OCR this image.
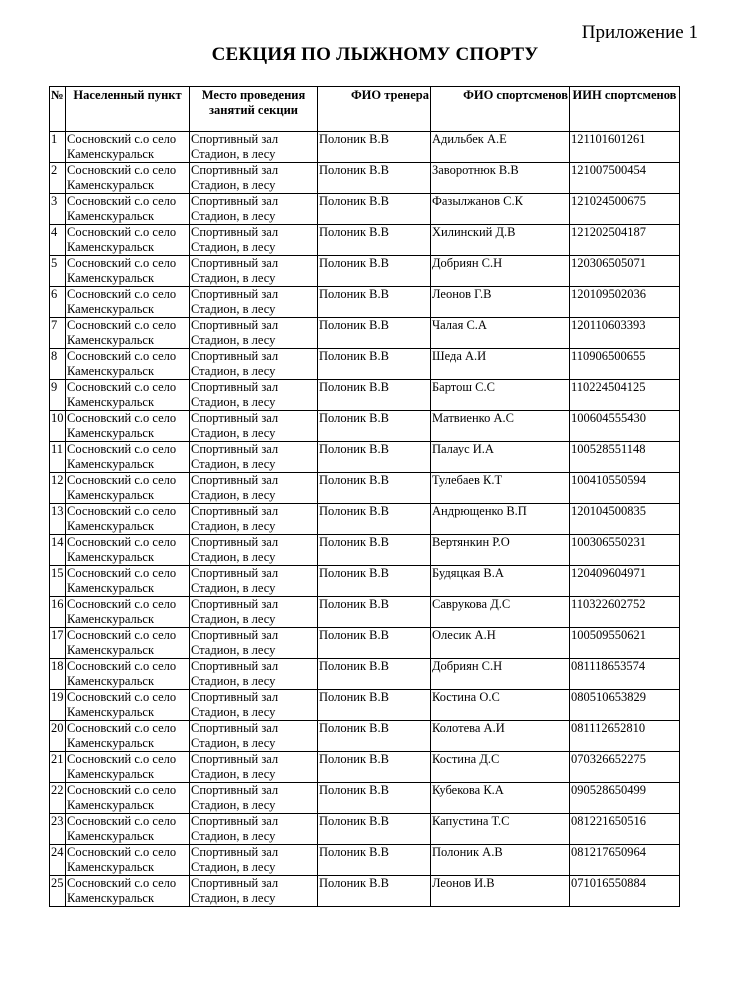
Приложение 1
СЕКЦИЯ ПО ЛЫЖНОМУ СПОРТУ
№	Населенный пункт	Место проведения занятий секции	ФИО тренера	ФИО спортсменов	ИИН спортсменов

1	Сосновский с.о село
Каменскуральск	Спортивный зал
Стадион, в лесу	Полоник В.В	Адильбек А.Е	121101601261

2	Сосновский с.о село
Каменскуральск	Спортивный зал
Стадион, в лесу	Полоник В.В	Заворотнюк В.В	121007500454

3	Сосновский с.о село
Каменскуральск	Спортивный зал
Стадион, в лесу	Полоник В.В	Фазылжанов С.К	121024500675

4	Сосновский с.о село
Каменскуральск	Спортивный зал
Стадион, в лесу	Полоник В.В	Хилинский Д.В	121202504187

5	Сосновский с.о село
Каменскуральск	Спортивный зал
Стадион, в лесу	Полоник В.В	Добриян С.Н	120306505071

6	Сосновский с.о село
Каменскуральск	Спортивный зал
Стадион, в лесу	Полоник В.В	Леонов Г.В	120109502036

7	Сосновский с.о село
Каменскуральск	Спортивный зал
Стадион, в лесу	Полоник В.В	Чалая С.А	120110603393

8	Сосновский с.о село
Каменскуральск	Спортивный зал
Стадион, в лесу	Полоник В.В	Шеда А.И	110906500655

9	Сосновский с.о село
Каменскуральск	Спортивный зал
Стадион, в лесу	Полоник В.В	Бартош С.С	110224504125

10	Сосновский с.о село
Каменскуральск	Спортивный зал
Стадион, в лесу	Полоник В.В	Матвиенко А.С	100604555430

11	Сосновский с.о село
Каменскуральск	Спортивный зал
Стадион, в лесу	Полоник В.В	Палаус И.А	100528551148

12	Сосновский с.о село
Каменскуральск	Спортивный зал
Стадион, в лесу	Полоник В.В	Тулебаев К.Т	100410550594

13	Сосновский с.о село
Каменскуральск	Спортивный зал
Стадион, в лесу	Полоник В.В	Андрющенко В.П	120104500835

14	Сосновский с.о село
Каменскуральск	Спортивный зал
Стадион, в лесу	Полоник В.В	Вертянкин Р.О	100306550231

15	Сосновский с.о село
Каменскуральск	Спортивный зал
Стадион, в лесу	Полоник В.В	Будяцкая В.А	120409604971

16	Сосновский с.о село
Каменскуральск	Спортивный зал
Стадион, в лесу	Полоник В.В	Саврукова Д.С	110322602752

17	Сосновский с.о село
Каменскуральск	Спортивный зал
Стадион, в лесу	Полоник В.В	Олесик А.Н	100509550621

18	Сосновский с.о село
Каменскуральск	Спортивный зал
Стадион, в лесу	Полоник В.В	Добриян С.Н	081118653574

19	Сосновский с.о село
Каменскуральск	Спортивный зал
Стадион, в лесу	Полоник В.В	Костина О.С	080510653829

20	Сосновский с.о село
Каменскуральск	Спортивный зал
Стадион, в лесу	Полоник В.В	Колотева А.И	081112652810

21	Сосновский с.о село
Каменскуральск	Спортивный зал
Стадион, в лесу	Полоник В.В	Костина Д.С	070326652275

22	Сосновский с.о село
Каменскуральск	Спортивный зал
Стадион, в лесу	Полоник В.В	Кубекова К.А	090528650499

23	Сосновский с.о село
Каменскуральск	Спортивный зал
Стадион, в лесу	Полоник В.В	Капустина Т.С	081221650516

24	Сосновский с.о село
Каменскуральск	Спортивный зал
Стадион, в лесу	Полоник В.В	Полоник А.В	081217650964

25	Сосновский с.о село
Каменскуральск	Спортивный зал
Стадион, в лесу	Полоник В.В	Леонов И.В	071016550884
